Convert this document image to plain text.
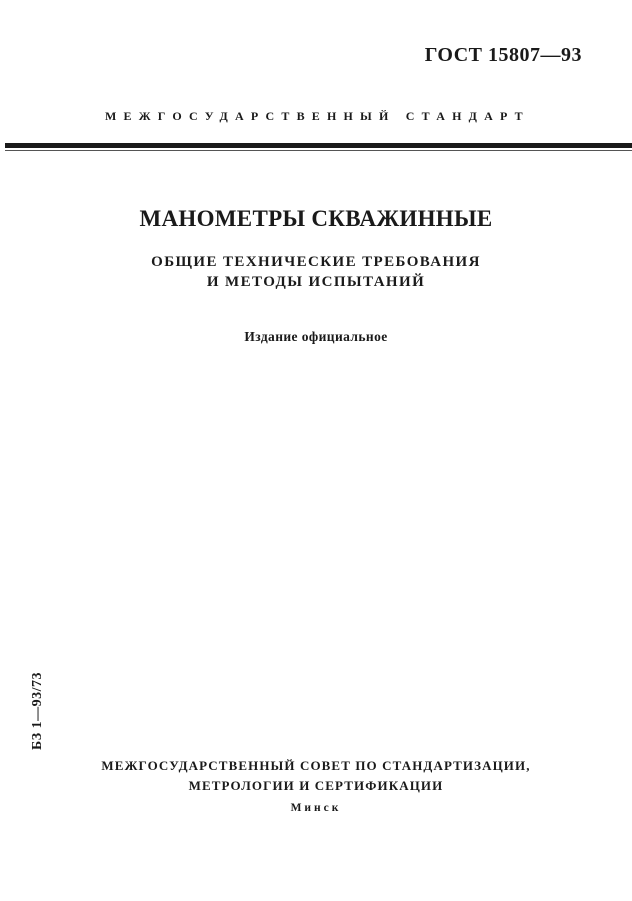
ГОСТ 15807—93
МЕЖГОСУДАРСТВЕННЫЙ СТАНДАРТ
МАНОМЕТРЫ СКВАЖИННЫЕ
ОБЩИЕ ТЕХНИЧЕСКИЕ ТРЕБОВАНИЯ
И МЕТОДЫ ИСПЫТАНИЙ
Издание официальное
БЗ 1—93/73
МЕЖГОСУДАРСТВЕННЫЙ СОВЕТ ПО СТАНДАРТИЗАЦИИ,
МЕТРОЛОГИИ И СЕРТИФИКАЦИИ
Минск
